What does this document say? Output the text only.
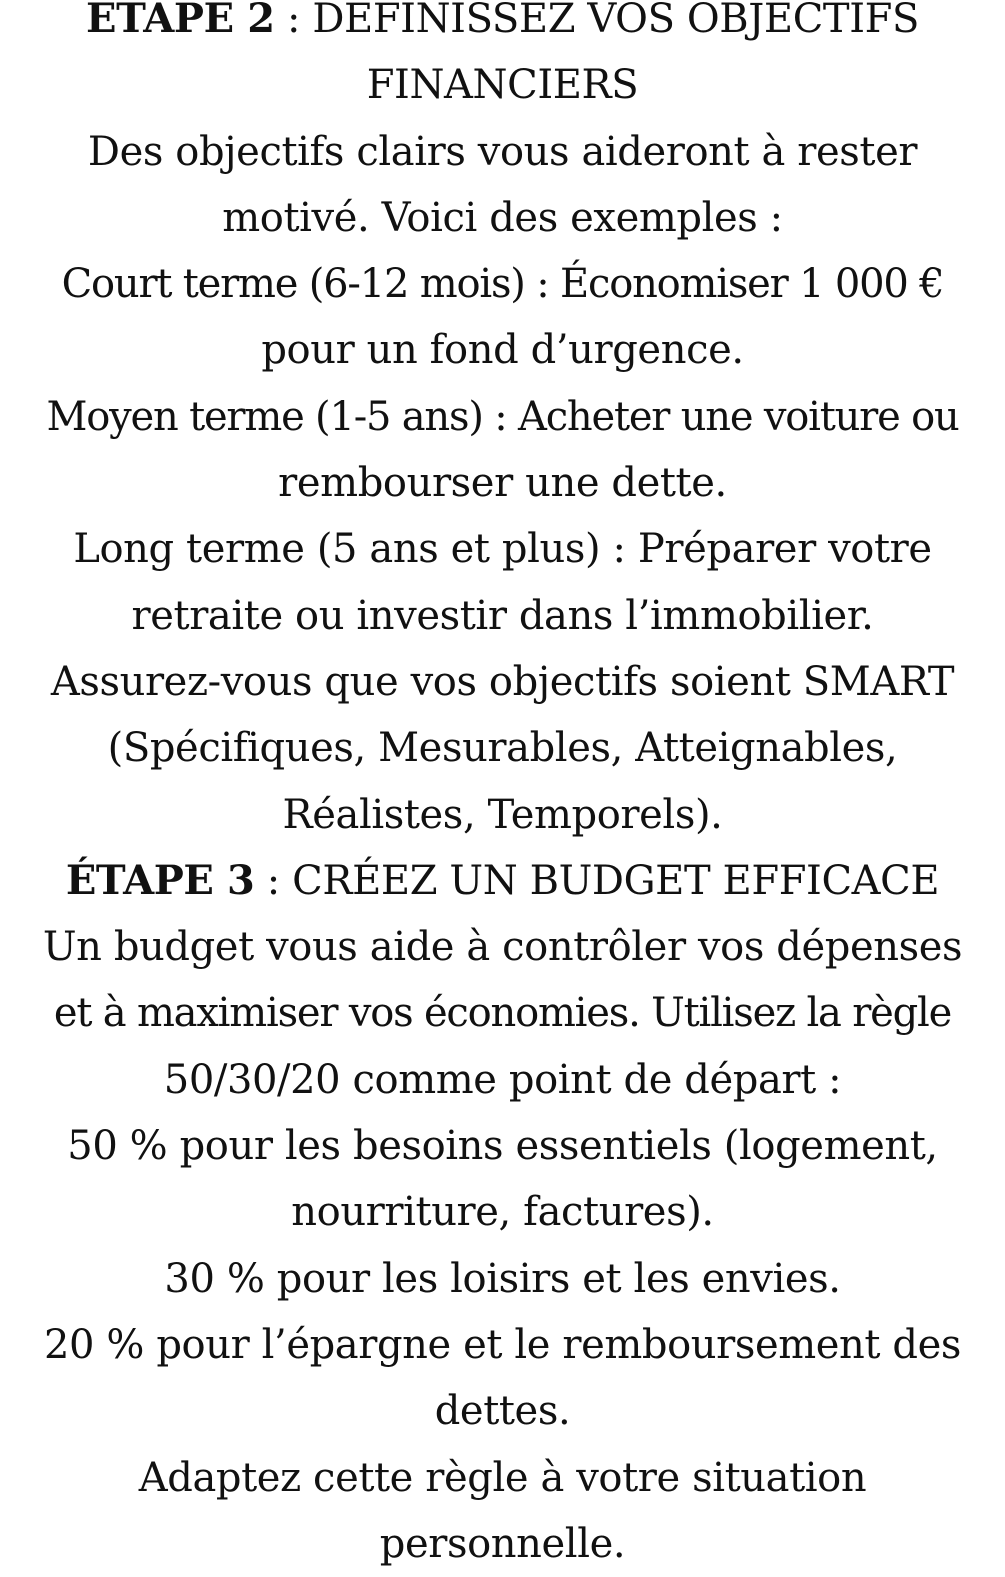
ETAPE 2 : DEFINISSEZ VOS OBJECTIFS
FINANCIERS
Des objectifs clairs vous aideront à rester
motivé. Voici des exemples :
Court terme (6-12 mois) : Économiser 1 000 €
pour un fond d’urgence.
Moyen terme (1-5 ans) : Acheter une voiture ou
rembourser une dette.
Long terme (5 ans et plus) : Préparer votre
retraite ou investir dans l’immobilier.
Assurez-vous que vos objectifs soient SMART
(Spécifiques, Mesurables, Atteignables,
Réalistes, Temporels).
ÉTAPE 3 : CRÉEZ UN BUDGET EFFICACE
Un budget vous aide à contrôler vos dépenses
et à maximiser vos économies. Utilisez la règle
50/30/20 comme point de départ :
50 % pour les besoins essentiels (logement,
nourriture, factures).
30 % pour les loisirs et les envies.
20 % pour l’épargne et le remboursement des
dettes.
Adaptez cette règle à votre situation
personnelle.
